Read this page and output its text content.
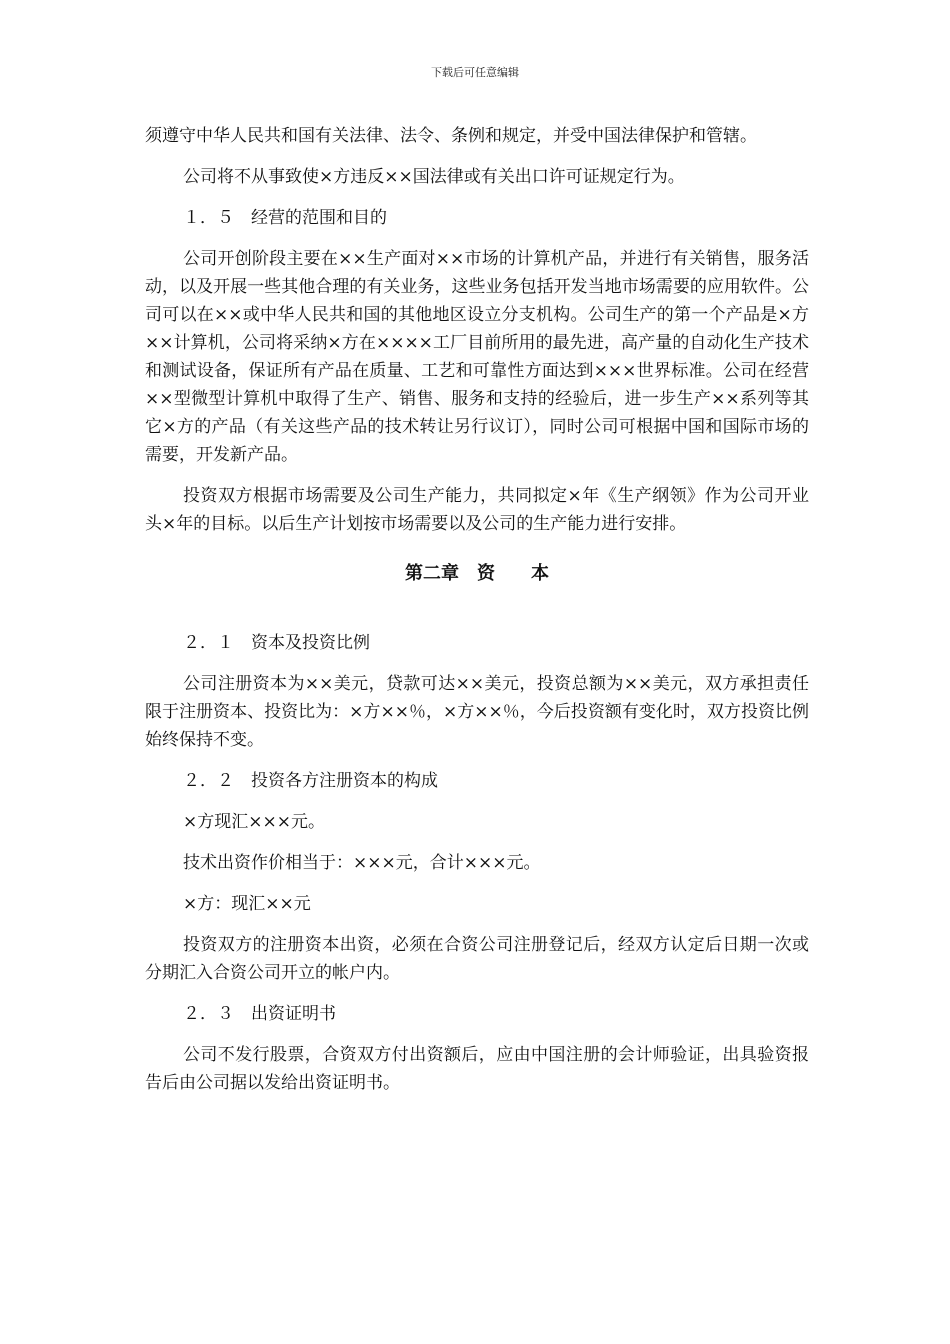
下载后可任意编辑

须遵守中华人民共和国有关法律、法令、条例和规定，并受中国法律保护和管辖。

公司将不从事致使×方违反××国法律或有关出口许可证规定行为。

１．５　经营的范围和目的

公司开创阶段主要在××生产面对××市场的计算机产品，并进行有关销售，服务活动，以及开展一些其他合理的有关业务，这些业务包括开发当地市场需要的应用软件。公司可以在××或中华人民共和国的其他地区设立分支机构。公司生产的第一个产品是×方××计算机，公司将采纳×方在××××工厂目前所用的最先进，高产量的自动化生产技术和测试设备，保证所有产品在质量、工艺和可靠性方面达到×××世界标准。公司在经营××型微型计算机中取得了生产、销售、服务和支持的经验后，进一步生产××系列等其它×方的产品（有关这些产品的技术转让另行议订），同时公司可根据中国和国际市场的需要，开发新产品。

投资双方根据市场需要及公司生产能力，共同拟定×年《生产纲领》作为公司开业头×年的目标。以后生产计划按市场需要以及公司的生产能力进行安排。

第二章　资　　本

２．１　资本及投资比例

公司注册资本为××美元，贷款可达××美元，投资总额为××美元，双方承担责任限于注册资本、投资比为：×方××％，×方××％，今后投资额有变化时，双方投资比例始终保持不变。

２．２　投资各方注册资本的构成

×方现汇×××元。

技术出资作价相当于：×××元，合计×××元。

×方：现汇××元

投资双方的注册资本出资，必须在合资公司注册登记后，经双方认定后日期一次或分期汇入合资公司开立的帐户内。

２．３　出资证明书

公司不发行股票，合资双方付出资额后，应由中国注册的会计师验证，出具验资报告后由公司据以发给出资证明书。
